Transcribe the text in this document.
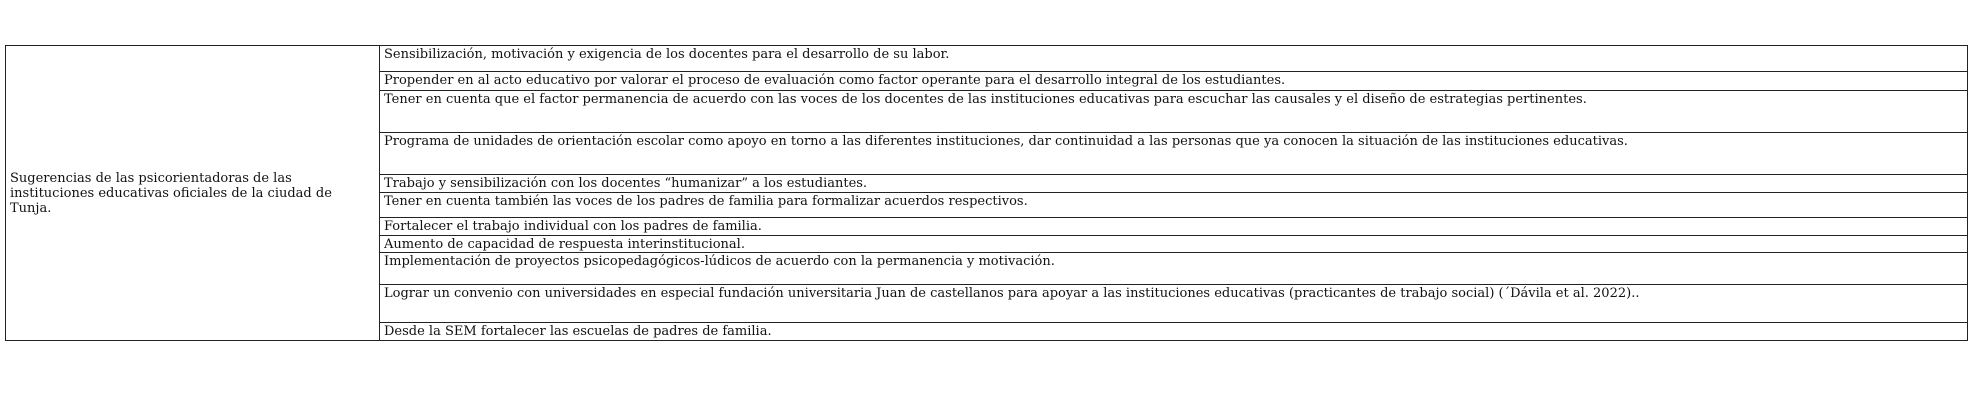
Sugerencias de las psicorientadoras de las instituciones educativas oficiales de la ciudad de Tunja.	Sensibilización, motivación y exigencia de los docentes para el desarrollo de su labor.
Propender en al acto educativo por valorar el proceso de evaluación como factor operante para el desarrollo integral de los estudiantes.
Tener en cuenta que el factor permanencia de acuerdo con las voces de los docentes de las instituciones educativas para escuchar las causales y el diseño de estrategias pertinentes.
Programa de unidades de orientación escolar como apoyo en torno a las diferentes instituciones, dar continuidad a las personas que ya conocen la situación de las instituciones educativas.
Trabajo y sensibilización con los docentes “humanizar” a los estudiantes.
Tener en cuenta también las voces de los padres de familia para formalizar acuerdos respectivos.
Fortalecer el trabajo individual con los padres de familia.
Aumento de capacidad de respuesta interinstitucional.
Implementación de proyectos psicopedagógicos-lúdicos de acuerdo con la permanencia y motivación.
Lograr un convenio con universidades en especial fundación universitaria Juan de castellanos para apoyar a las instituciones educativas (practicantes de trabajo social) (´Dávila et al. 2022)..
Desde la SEM fortalecer las escuelas de padres de familia.
